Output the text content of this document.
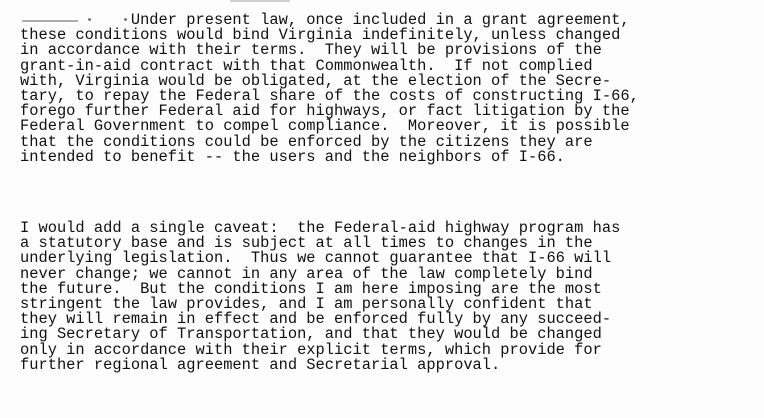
Under present law, once included in a grant agreement,
these conditions would bind Virginia indefinitely, unless changed
in accordance with their terms.  They will be provisions of the
grant-in-aid contract with that Commonwealth.  If not complied
with, Virginia would be obligated, at the election of the Secre-
tary, to repay the Federal share of the costs of constructing I-66,
forego further Federal aid for highways, or fact litigation by the
Federal Government to compel compliance.  Moreover, it is possible
that the conditions could be enforced by the citizens they are
intended to benefit -- the users and the neighbors of I-66.
I would add a single caveat:  the Federal-aid highway program has
a statutory base and is subject at all times to changes in the
underlying legislation.  Thus we cannot guarantee that I-66 will
never change; we cannot in any area of the law completely bind
the future.  But the conditions I am here imposing are the most
stringent the law provides, and I am personally confident that
they will remain in effect and be enforced fully by any succeed-
ing Secretary of Transportation, and that they would be changed
only in accordance with their explicit terms, which provide for
further regional agreement and Secretarial approval.
